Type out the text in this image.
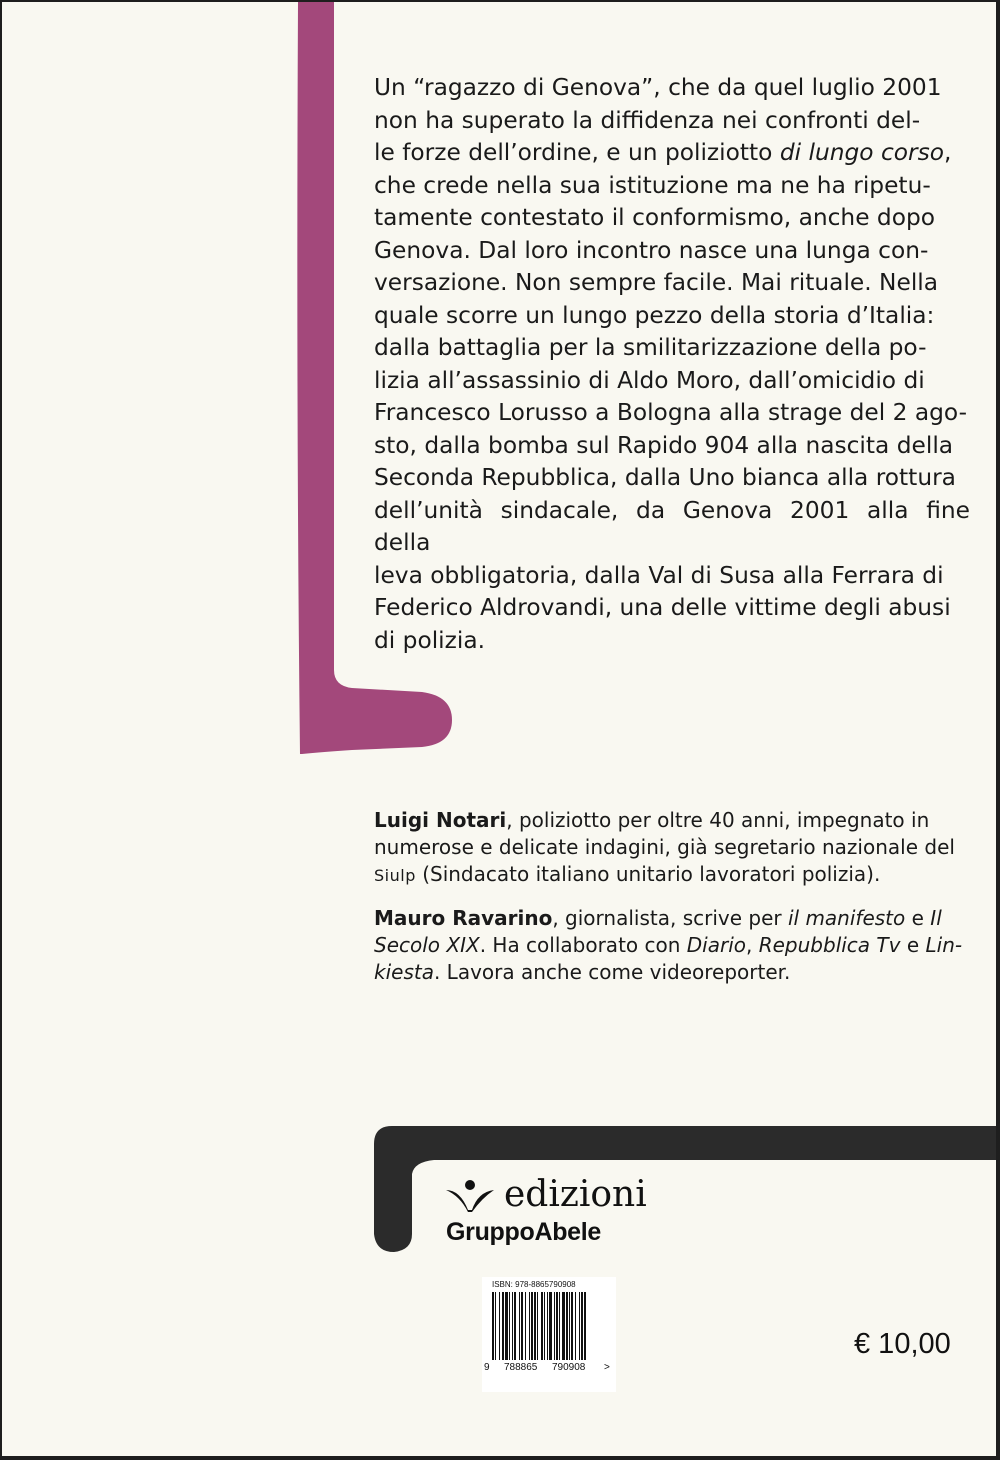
Un “ragazzo di Genova”, che da quel luglio 2001

non ha superato la diffidenza nei confronti del-

le forze dell’ordine, e un poliziotto di lungo corso,

che crede nella sua istituzione ma ne ha ripetu-

tamente contestato il conformismo, anche dopo

Genova. Dal loro incontro nasce una lunga con-

versazione. Non sempre facile. Mai rituale. Nella

quale scorre un lungo pezzo della storia d’Italia:

dalla battaglia per la smilitarizzazione della po-

lizia all’assassinio di Aldo Moro, dall’omicidio di

Francesco Lorusso a Bologna alla strage del 2 ago-

sto, dalla bomba sul Rapido 904 alla nascita della

Seconda Repubblica, dalla Uno bianca alla rottura

dell’unità sindacale, da Genova 2001 alla fine della

leva obbligatoria, dalla Val di Susa alla Ferrara di

Federico Aldrovandi, una delle vittime degli abusi

di polizia.

Luigi Notari, poliziotto per oltre 40 anni, impegnato in

numerose e delicate indagini, già segretario nazionale del

Siulp (Sindacato italiano unitario lavoratori polizia).

Mauro Ravarino, giornalista, scrive per il manifesto e Il

Secolo XIX. Ha collaborato con Diario, Repubblica Tv e Lin-

kiesta. Lavora anche come videoreporter.

edizioni
GruppoAbele
ISBN: 978-8865790908
9 788865 790908 >
€ 10,00
